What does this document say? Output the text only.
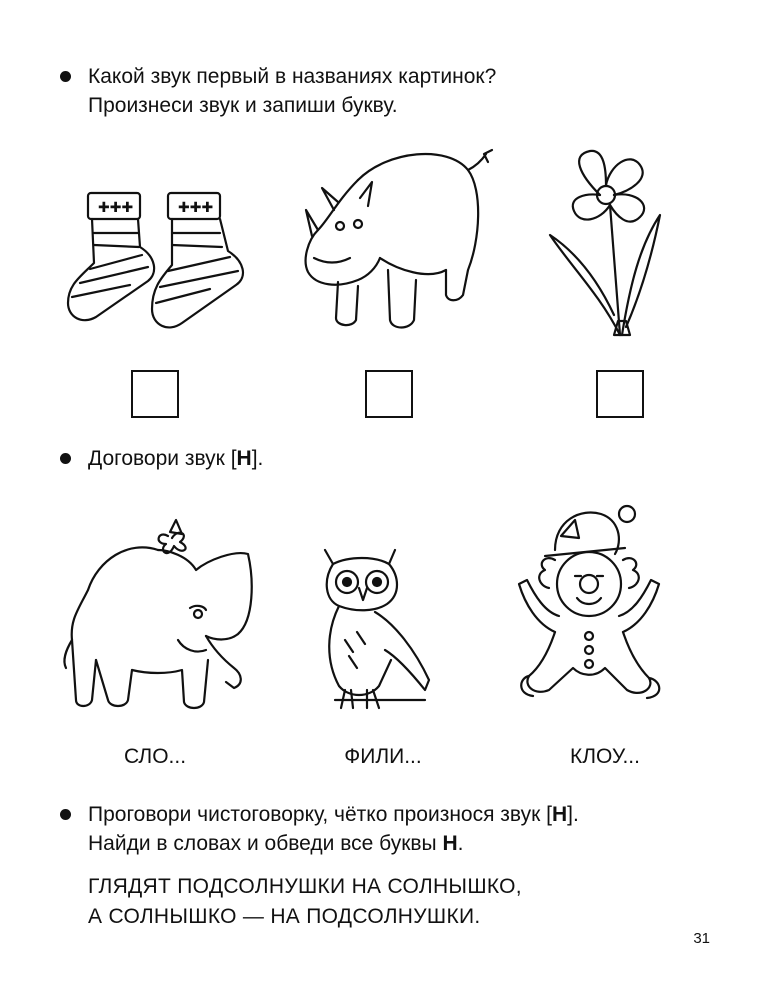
Какой звук первый в названиях картинок?
Произнеси звук и запиши букву.
✚✚✚	✚✚✚
Договори звук [Н].
СЛО...	ФИЛИ...	КЛОУ...
Проговори чистоговорку, чётко произнося звук [Н].
Найди в словах и обведи все буквы Н.
ГЛЯДЯТ ПОДСОЛНУШКИ НА СОЛНЫШКО,
А СОЛНЫШКО — НА ПОДСОЛНУШКИ.
31
